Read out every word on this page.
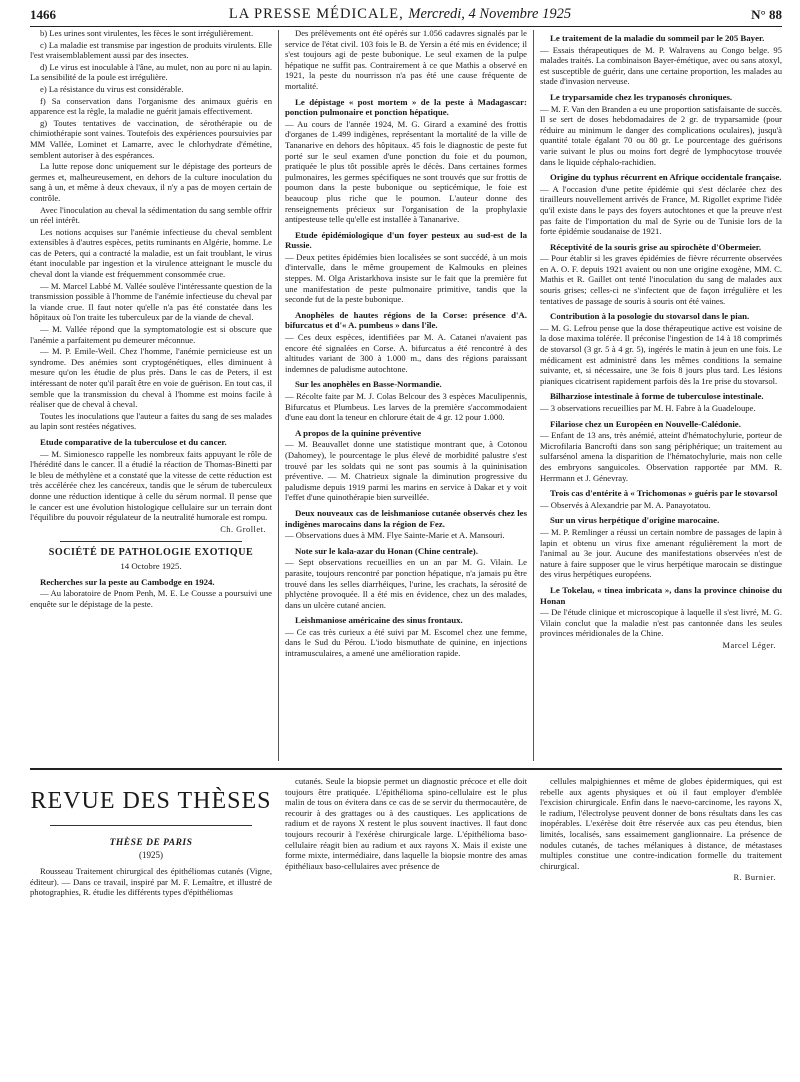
1466	LA PRESSE MÉDICALE, Mercredi, 4 Novembre 1925	N° 88

b) Les urines sont virulentes, les fèces le sont irrégulièrement.

c) La maladie est transmise par ingestion de produits virulents. Elle l'est vraisemblablement aussi par des insectes.

d) Le virus est inoculable à l'âne, au mulet, non au porc ni au lapin. La sensibilité de la poule est irrégulière.

e) La résistance du virus est considérable.

f) Sa conservation dans l'organisme des animaux guéris en apparence est la règle, la maladie ne guérit jamais effectivement.

g) Toutes tentatives de vaccination, de sérothérapie ou de chimiothérapie sont vaines. Toutefois des expériences poursuivies par MM Vallée, Lominet et Lamarre, avec le chlorhydrate d'émétine, semblent autoriser à des espérances.

La lutte repose donc uniquement sur le dépistage des porteurs de germes et, malheureusement, en dehors de la culture inoculation du sang à un, et même à deux chevaux, il n'y a pas de moyen certain de contrôle.

Avec l'inoculation au cheval la sédimentation du sang semble offrir un réel intérêt.

Les notions acquises sur l'anémie infectieuse du cheval semblent extensibles à d'autres espèces, petits ruminants en Algérie, homme. Le cas de Peters, qui a contracté la maladie, est un fait troublant, le virus étant inoculable par ingestion et la virulence atteignant le muscle du cheval dont la viande est fréquemment consommée crue.

— M. Marcel Labbé M. Vallée soulève l'intéressante question de la transmission possible à l'homme de l'anémie infectieuse du cheval par la viande crue. Il faut noter qu'elle n'a pas été constatée dans les hôpitaux où l'on traite les tuberculeux par de la viande de cheval.

— M. Vallée répond que la symptomatologie est si obscure que l'anémie a parfaitement pu demeurer méconnue.

— M. P. Emile-Weil. Chez l'homme, l'anémie pernicieuse est un syndrome. Des anémies sont cryptogénétiques, elles diminuent à mesure qu'on les étudie de plus près. Dans le cas de Peters, il est intéressant de noter qu'il paraît être en voie de guérison. En tout cas, il semble que la transmission du cheval à l'homme est moins facile à réaliser que de cheval à cheval.

Toutes les inoculations que l'auteur a faites du sang de ses malades au lapin sont restées négatives.

Etude comparative de la tuberculose et du cancer.

— M. Simionesco rappelle les nombreux faits appuyant le rôle de l'hérédité dans le cancer. Il a étudié la réaction de Thomas-Binetti par le bleu de méthylène et a constaté que la vitesse de cette réduction est très accélérée chez les cancéreux, tandis que le sérum de tuberculeux donne une réduction identique à celle du sérum normal. Il pense que le cancer est une évolution histologique cellulaire sur un terrain dont l'équilibre du pouvoir régulateur de la neutralité humorale est rompu.

Ch. Grollet.
SOCIÉTÉ DE PATHOLOGIE EXOTIQUE
14 Octobre 1925.
Recherches sur la peste au Cambodge en 1924.

— Au laboratoire de Pnom Penh, M. E. Le Cousse a poursuivi une enquête sur le dépistage de la peste.

Des prélèvements ont été opérés sur 1.056 cadavres signalés par le service de l'état civil. 103 fois le B. de Yersin a été mis en évidence; il s'est toujours agi de peste bubonique. Le seul examen de la pulpe hépatique ne suffit pas. Contrairement à ce que Mathis a observé en 1921, la peste du nourrisson n'a pas été une cause fréquente de mortalité.

Le dépistage « post mortem » de la peste à Madagascar: ponction pulmonaire et ponction hépatique.

— Au cours de l'année 1924, M. G. Girard a examiné des frottis d'organes de 1.499 indigènes, représentant la mortalité de la ville de Tananarive en dehors des hôpitaux. 45 fois le diagnostic de peste fut porté sur le seul examen d'une ponction du foie et du poumon, pratiquée le plus tôt possible après le décès. Dans certaines formes pulmonaires, les germes spécifiques ne sont trouvés que sur frottis de poumon dans la peste bubonique ou septicémique, le foie est beaucoup plus riche que le poumon. L'auteur donne des renseignements précieux sur l'organisation de la prophylaxie antipesteuse telle qu'elle est installée à Tananarive.

Etude épidémiologique d'un foyer pesteux au sud-est de la Russie.

— Deux petites épidémies bien localisées se sont succédé, à un mois d'intervalle, dans le même groupement de Kalmouks en pleines steppes. M. Olga Aristarkhova insiste sur le fait que la première fut une manifestation de peste pulmonaire primitive, tandis que la seconde fut de la peste bubonique.

Anophèles de hautes régions de la Corse: présence d'A. bifurcatus et d'« A. pumbeus » dans l'île.

— Ces deux espèces, identifiées par M. A. Catanei n'avaient pas encore été signalées en Corse. A. bifurcatus a été rencontré à des altitudes variant de 300 à 1.000 m., dans des régions paraissant indemnes de paludisme autochtone.

Sur les anophèles en Basse-Normandie.

— Récolte faite par M. J. Colas Belcour des 3 espèces Maculipennis, Bifurcatus et Plumbeus. Les larves de la première s'accommodaient d'une eau dont la teneur en chlorure était de 4 gr. 12 pour 1.000.

A propos de la quinine préventive

— M. Beauvallet donne une statistique montrant que, à Cotonou (Dahomey), le pourcentage le plus élevé de morbidité palustre s'est trouvé par les soldats qui ne sont pas soumis à la quininisation préventive. — M. Chatrieux signale la diminution progressive du paludisme depuis 1919 parmi les marins en service à Dakar et y voit l'effet d'une quinothérapie bien surveillée.

Deux nouveaux cas de leishmaniose cutanée observés chez les indigènes marocains dans la région de Fez.

— Observations dues à MM. Flye Sainte-Marie et A. Mansouri.

Note sur le kala-azar du Honan (Chine centrale).

— Sept observations recueillies en un an par M. G. Vilain. Le parasite, toujours rencontré par ponction hépatique, n'a jamais pu être trouvé dans les selles diarrhéiques, l'urine, les crachats, la sérosité de phlyctène provoquée. Il a été mis en évidence, chez un des malades, dans un ulcère cutané ancien.

Leishmaniose américaine des sinus frontaux.

— Ce cas très curieux a été suivi par M. Escomel chez une femme, dans le Sud du Pérou. L'iodo bismuthate de quinine, en injections intramusculaires, a amené une amélioration rapide.

Le traitement de la maladie du sommeil par le 205 Bayer.

— Essais thérapeutiques de M. P. Walravens au Congo belge. 95 malades traités. La combinaison Bayer-émétique, avec ou sans atoxyl, est susceptible de guérir, dans une certaine proportion, les malades au stade d'invasion nerveuse.

Le tryparsamide chez les trypanosés chroniques.

— M. F. Van den Branden a eu une proportion satisfaisante de succès. Il se sert de doses hebdomadaires de 2 gr. de tryparsamide (pour réduire au minimum le danger des complications oculaires), jusqu'à quantité totale égalant 70 ou 80 gr. Le pourcentage des guérisons varie suivant le plus ou moins fort degré de lymphocytose trouvée dans le liquide céphalo-rachidien.

Origine du typhus récurrent en Afrique occidentale française.

— A l'occasion d'une petite épidémie qui s'est déclarée chez des tirailleurs nouvellement arrivés de France, M. Rigollet exprime l'idée qu'il existe dans le pays des foyers autochtones et que la preuve n'est pas faite de l'importation du mal de Syrie ou de Tunisie lors de la forte épidémie soudanaise de 1921.

Réceptivité de la souris grise au spirochète d'Obermeier.

— Pour établir si les graves épidémies de fièvre récurrente observées en A. O. F. depuis 1921 avaient ou non une origine exogène, MM. C. Mathis et R. Gaillet ont tenté l'inoculation du sang de malades aux souris grises; celles-ci ne s'infectent que de façon irrégulière et les tentatives de passage de souris à souris ont été vaines.

Contribution à la posologie du stovarsol dans le pian.

— M. G. Lefrou pense que la dose thérapeutique active est voisine de la dose maxima tolérée. Il préconise l'ingestion de 14 à 18 comprimés de stovarsol (3 gr. 5 à 4 gr. 5), ingérés le matin à jeun en une fois. Le médicament est administré dans les mêmes conditions la semaine suivante, et, si nécessaire, une 3e fois 8 jours plus tard. Les lésions pianiques cicatrisent rapidement parfois dès la 1re prise du stovarsol.

Bilharziose intestinale à forme de tuberculose intestinale.

— 3 observations recueillies par M. H. Fabre à la Guadeloupe.

Filariose chez un Européen en Nouvelle-Calédonie.

— Enfant de 13 ans, très anémié, atteint d'hématochylurie, porteur de Microfilaria Bancrofti dans son sang périphérique; un traitement au sulfarsénol amena la disparition de l'hématochylurie, mais non celle des embryons sanguicoles. Observation rapportée par MM. R. Herrmann et J. Génevray.

Trois cas d'entérite à « Trichomonas » guéris par le stovarsol

— Observés à Alexandrie par M. A. Panayotatou.

Sur un virus herpétique d'origine marocaine.

— M. P. Remlinger a réussi un certain nombre de passages de lapin à lapin et obtenu un virus fixe amenant régulièrement la mort de l'animal au 3e jour. Aucune des manifestations observées n'est de nature à faire supposer que le virus herpétique marocain se distingue des virus herpétiques européens.

Le Tokelau, « tinea imbricata », dans la province chinoise du Honan

— De l'étude clinique et microscopique à laquelle il s'est livré, M. G. Vilain conclut que la maladie n'est pas cantonnée dans les seules provinces méridionales de la Chine.

Marcel Léger.
REVUE DES THÈSES
THÈSE DE PARIS
(1925)

Rousseau Traitement chirurgical des épithéliomas cutanés (Vigne, éditeur). — Dans ce travail, inspiré par M. F. Lemaître, et illustré de photographies, R. étudie les différents types d'épithéliomas

cutanés. Seule la biopsie permet un diagnostic précoce et elle doit toujours être pratiquée. L'épithélioma spino-cellulaire est le plus malin de tous on évitera dans ce cas de se servir du thermocautère, de recourir à des grattages ou à des caustiques. Les applications de radium et de rayons X restent le plus souvent inactives. Il faut donc toujours recourir à l'exérèse chirurgicale large. L'épithélioma baso-cellulaire réagit bien au radium et aux rayons X. Mais il existe une forme mixte, intermédiaire, dans laquelle la biopsie montre des amas épithéliaux baso-cellulaires avec présence de

cellules malpighiennes et même de globes épidermiques, qui est rebelle aux agents physiques et où il faut employer d'emblée l'excision chirurgicale. Enfin dans le naevo-carcinome, les rayons X, le radium, l'électrolyse peuvent donner de bons résultats dans les cas inopérables. L'exérèse doit être réservée aux cas peu étendus, bien limités, localisés, sans essaimement ganglionnaire. La présence de nodules cutanés, de taches mélaniques à distance, de métastases multiples constitue une contre-indication formelle du traitement chirurgical.

R. Burnier.
